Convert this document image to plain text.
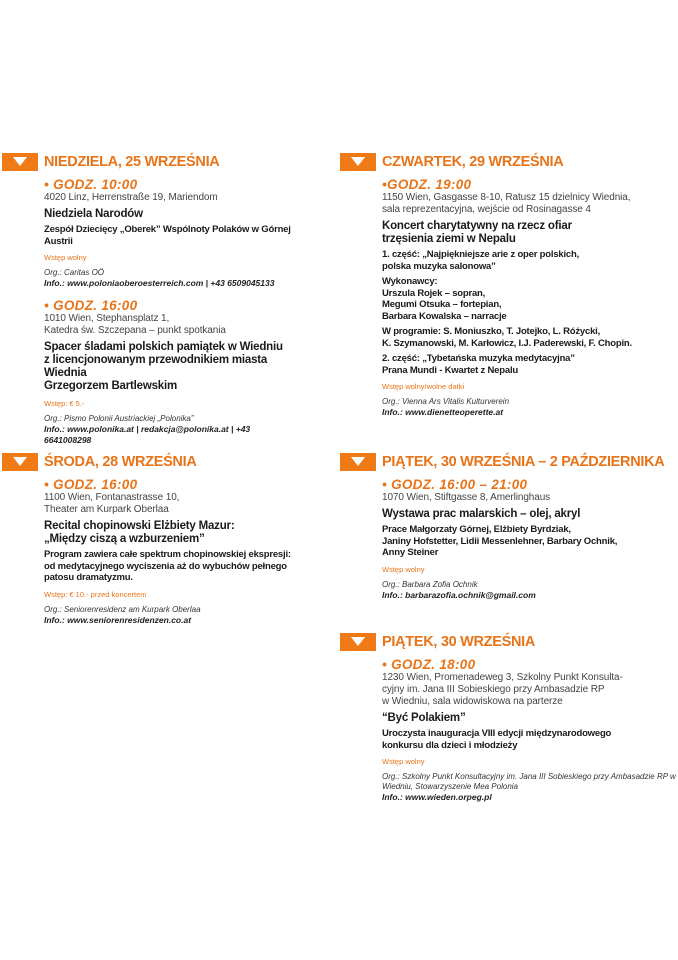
NIEDZIELA, 25 WRZEŚNIA
• GODZ. 10:00
4020 Linz, Herrenstraße 19, Mariendom
Niedziela Narodów
Zespół Dziecięcy „Oberek” Wspólnoty Polaków w Górnej
Austrii
Wstęp wolny
Org.: Caritas OÖ
Info.: www.poloniaoberoesterreich.com | +43 6509045133
• GODZ. 16:00
1010 Wien, Stephansplatz 1,
Katedra św. Szczepana – punkt spotkania
Spacer śladami polskich pamiątek w Wiedniu
z licencjonowanym przewodnikiem miasta Wiednia
Grzegorzem Bartlewskim
Wstęp: € 5.-
Org.: Pismo Polonii Austriackiej „Polonika”
Info.: www.polonika.at | redakcja@polonika.at | +43 6641008298
ŚRODA, 28 WRZEŚNIA
• GODZ. 16:00
1100 Wien, Fontanastrasse 10,
Theater am Kurpark Oberlaa
Recital chopinowski Elżbiety Mazur:
„Między ciszą a wzburzeniem”
Program zawiera całe spektrum chopinowskiej ekspresji:
od medytacyjnego wyciszenia aż do wybuchów pełnego
patosu dramatyzmu.
Wstęp: € 10.- przed koncertem
Org.: Seniorenresidenz am Kurpark Oberlaa
Info.: www.seniorenresidenzen.co.at
CZWARTEK, 29 WRZEŚNIA
•GODZ. 19:00
1150 Wien, Gasgasse 8-10, Ratusz 15 dzielnicy Wiednia,
sala reprezentacyjna, wejście od Rosinagasse 4
Koncert charytatywny na rzecz ofiar
trzęsienia ziemi w Nepalu
1. część: „Najpiękniejsze arie z oper polskich,
polska muzyka salonowa”
Wykonawcy:
Urszula Rojek – sopran,
Megumi Otsuka – fortepian,
Barbara Kowalska – narracje
W programie: S. Moniuszko, T. Jotejko, L. Różycki,
K. Szymanowski, M. Karłowicz, I.J. Paderewski, F. Chopin.
2. część: „Tybetańska muzyka medytacyjna”
Prana Mundi - Kwartet z Nepalu
Wstęp wolny/wolne datki
Org.: Vienna Ars Vitalis Kulturverein
Info.: www.dienetteoperette.at
PIĄTEK, 30 WRZEŚNIA – 2 PAŹDZIERNIKA
• GODZ. 16:00 – 21:00
1070 Wien, Stiftgasse 8, Amerlinghaus
Wystawa prac malarskich – olej, akryl
Prace Małgorzaty Górnej, Elżbiety Byrdziak,
Janiny Hofstetter, Lidii Messenlehner, Barbary Ochnik,
Anny Steiner
Wstęp wolny
Org.: Barbara Zofia Ochnik
Info.: barbarazofia.ochnik@gmail.com
PIĄTEK, 30 WRZEŚNIA
• GODZ. 18:00
1230 Wien, Promenadeweg 3, Szkolny Punkt Konsulta-
cyjny im. Jana III Sobieskiego przy Ambasadzie RP
w Wiedniu, sala widowiskowa na parterze
“Być Polakiem”
Uroczysta inauguracja VIII edycji międzynarodowego
konkursu dla dzieci i młodzieży
Wstęp wolny
Org.: Szkolny Punkt Konsultacyjny im. Jana III Sobieskiego przy Ambasadzie RP w Wiedniu, Stowarzyszenie Mea Polonia
Info.: www.wieden.orpeg.pl
